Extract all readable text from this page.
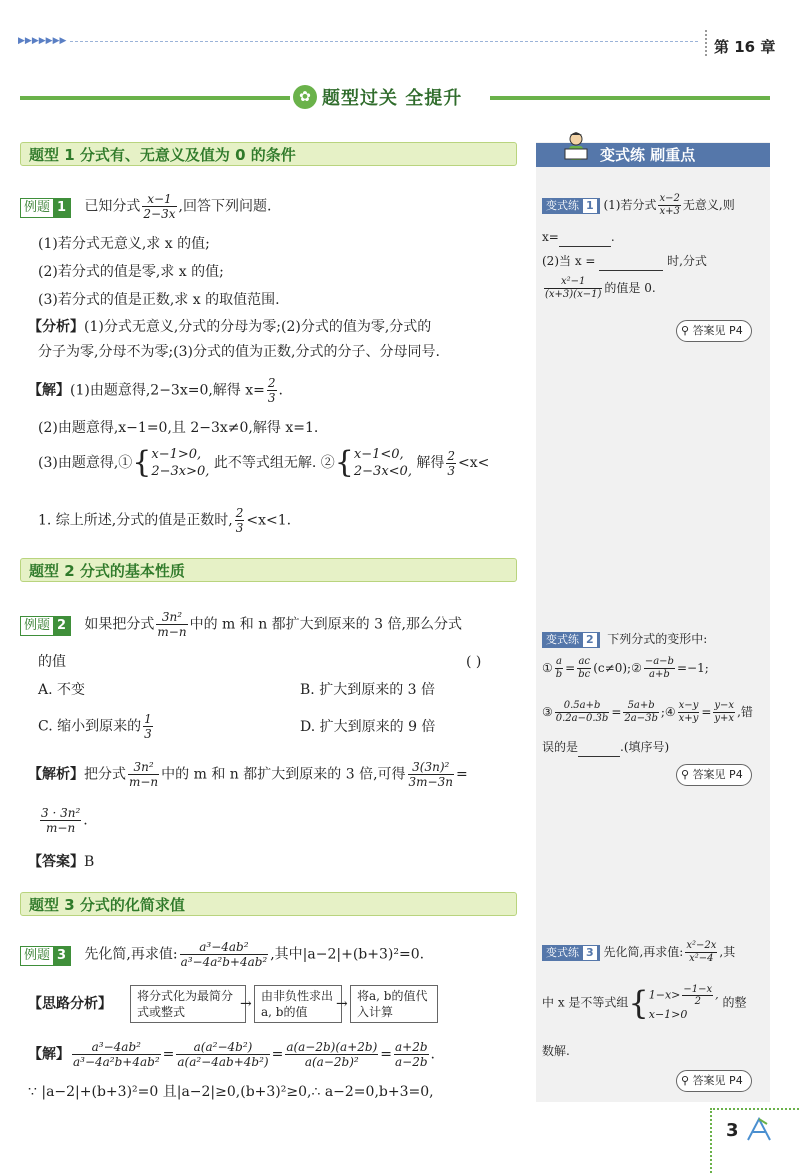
▶▶▶▶▶▶▶	第 16 章
✿ 题型过关 全提升
题型 1 分式有、无意义及值为 0 的条件
例题 1 已知分式 $\frac{x-1}{2-3x}$ ,回答下列问题.
(1)若分式无意义,求 x 的值;
(2)若分式的值是零,求 x 的值;
(3)若分式的值是正数,求 x 的取值范围.
【分析】(1)分式无意义,分式的分母为零;(2)分式的值为零,分式的
分子为零,分母不为零;(3)分式的值为正数,分式的分子、分母同号.
【解】(1)由题意得,2−3x=0,解得 $x= \frac{2}{3}$ .
(2)由题意得,x−1=0,且 2−3x≠0,解得 x=1.
(3)由题意得,①{ x−1>0,
2−3x>0,
此不等式组无解. ②{ x−1<0,
2−3x<0,
解得 $\frac{2}{3} <x<$
1. 综上所述,分式的值是正数时, $\frac{2}{3} <x<1$.
题型 2 分式的基本性质
例题 2 如果把分式 $\frac{\text{3n²}}{m-n}$ 中的 m 和 n 都扩大到原来的 3 倍,那么分式
的值	( )
A. 不变	B. 扩大到原来的 3 倍
C. 缩小到原来的 $\frac{1}{3}$	D. 扩大到原来的 9 倍
【解析】把分式 $\frac{\text{3n²}}{m-n}$ 中的 m 和 n 都扩大到原来的 3 倍,可得 $\frac{\text{3(3n)²}}{3m-3n}$ =
$\frac{\text{3 · 3n²}}{m-n}$ .
【答案】B
题型 3 分式的化简求值
例题 3 先化简,再求值: $\frac{\text{a³−4ab²}}{\text{a³−4a²b+4ab²}}$ ,其中|a−2|+(b+3)²=0.
【思路分析】	将分式化为最简分式或整式	→ 由非负性求出a, b的值	→ 将a, b的值代入计算
【解】 $\frac{\text{a³−4ab²}}{\text{a³−4a²b+4ab²}} = \frac{\text{a(a²−4b²)}}{\text{a(a²−4ab+4b²)}} = \frac{a(a-2b)(a+2b)}{\text{a(a−2b)²}} = \frac{a+2b}{a-2b}$ .
∵ |a−2|+(b+3)²=0 且|a−2|≥0,(b+3)²≥0,∴ a−2=0,b+3=0,
变式练 刷重点
变式练 1 (1)若分式 $\frac{x-2}{x+3}$ 无意义,则
x=	.
(2)当 x =	时,分式
$\frac{\text{x²−1}}{(x+3)(x-1)}$ 的值是 0.
⚲ 答案见 P4
变式练 2 下列分式的变形中:
① $\frac{a}{b} = \frac{ac}{bc}$ (c≠0);② $\frac{-a-b}{a+b} =-1$;
③ $\frac{0.5a+b}{0.2a-0.3b} = \frac{5a+b}{2a-3b}$ ;④ $\frac{x-y}{x+y} = \frac{y-x}{y+x}$ ,错
误的是	.(填序号)
⚲ 答案见 P4
变式练 3 先化简,再求值: $\frac{\text{x²−2x}}{\text{x²−4}}$ ,其
中 x 是不等式组{ $1-x> \frac{-1-x}{2}$ ,
x−1>0
的整
数解.
⚲ 答案见 P4
3
